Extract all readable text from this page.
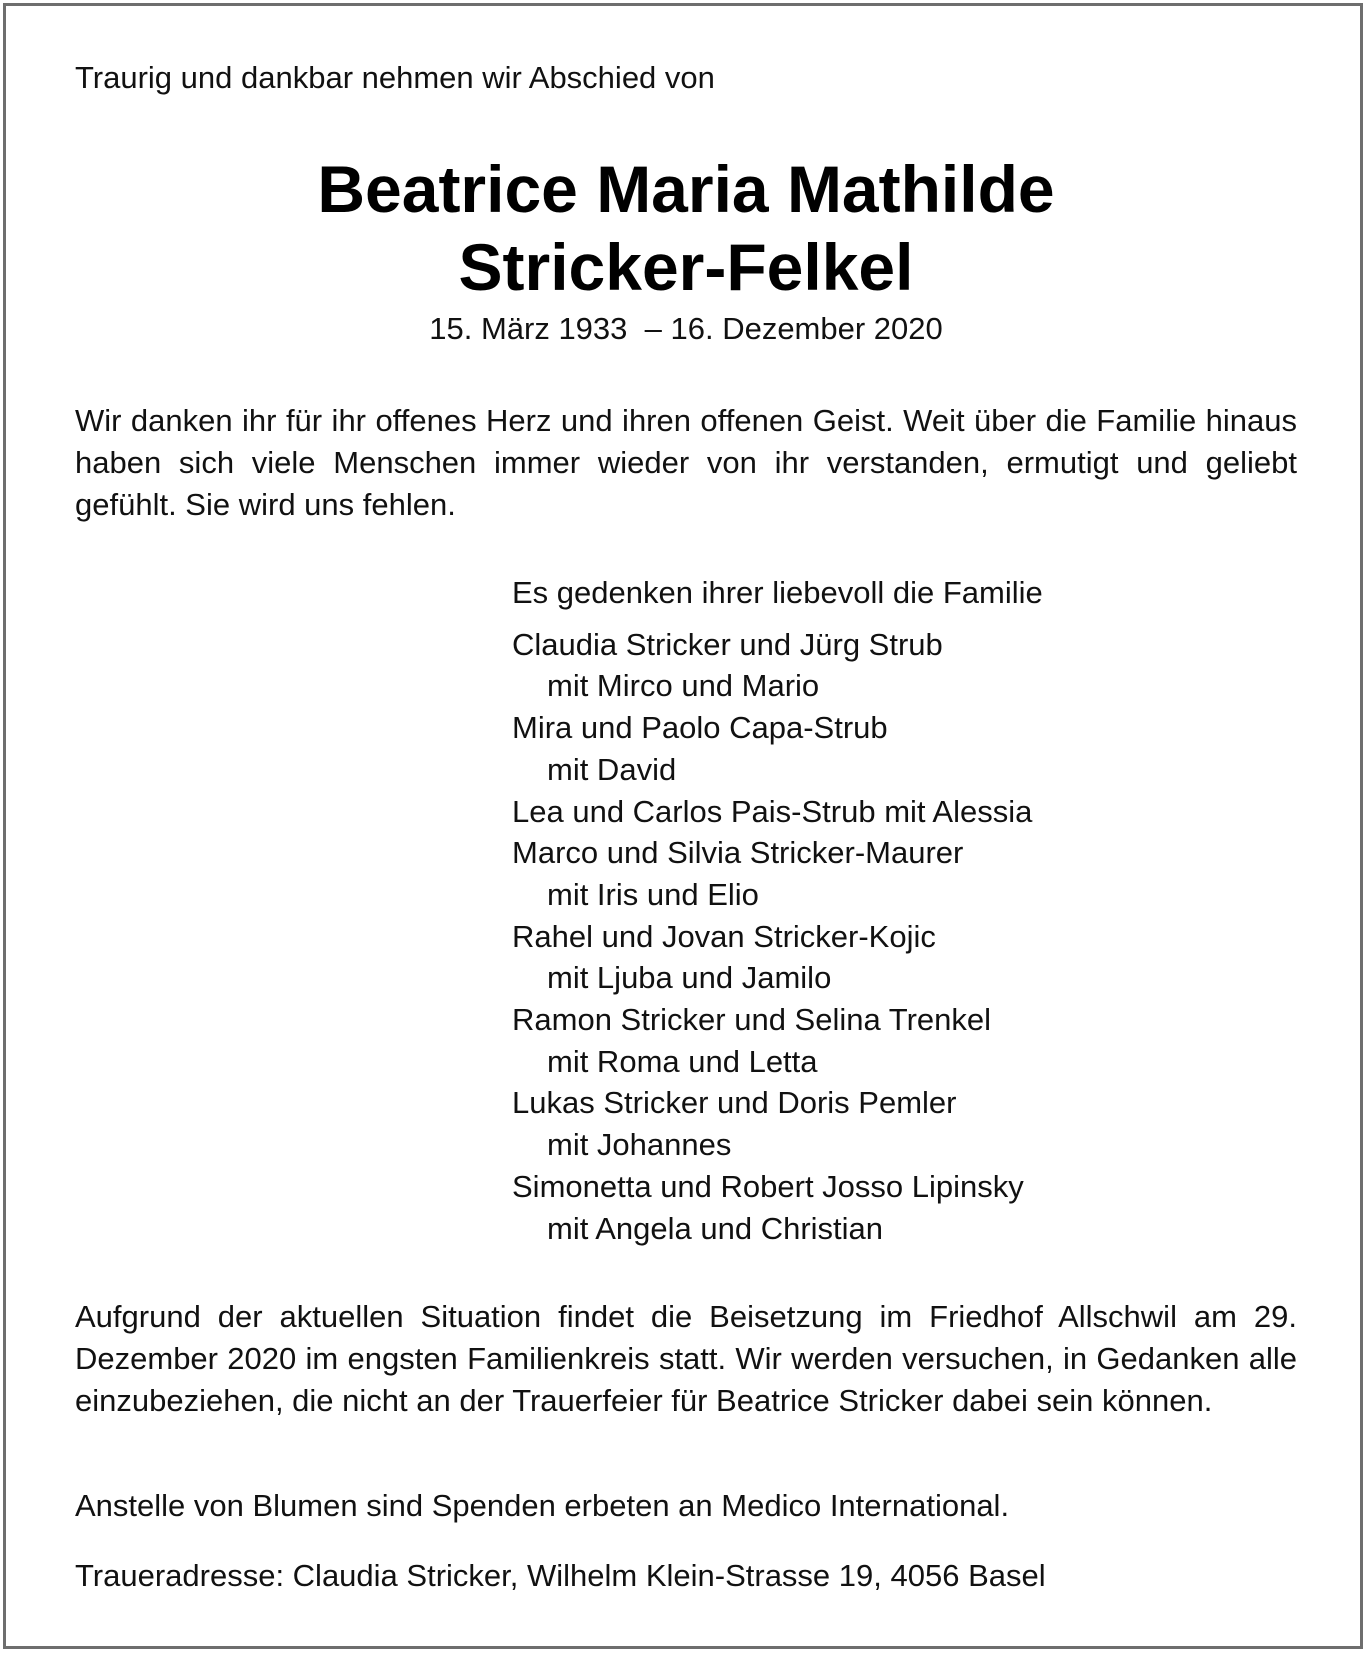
Traurig und dankbar nehmen wir Abschied von
Beatrice Maria Mathilde
Stricker-Felkel
15. März 1933  – 16. Dezember 2020
Wir danken ihr für ihr offenes Herz und ihren offenen Geist. Weit über die Familie hinaus haben sich viele Menschen immer wieder von ihr verstanden, ermutigt und geliebt gefühlt. Sie wird uns fehlen.
Es gedenken ihrer liebevoll die Familie
Claudia Stricker und Jürg Strub
mit Mirco und Mario
Mira und Paolo Capa-Strub
mit David
Lea und Carlos Pais-Strub mit Alessia
Marco und Silvia Stricker-Maurer
mit Iris und Elio
Rahel und Jovan Stricker-Kojic
mit Ljuba und Jamilo
Ramon Stricker und Selina Trenkel
mit Roma und Letta
Lukas Stricker und Doris Pemler
mit Johannes
Simonetta und Robert Josso Lipinsky
mit Angela und Christian
Aufgrund der aktuellen Situation findet die Beisetzung im Friedhof Allschwil am 29. Dezember 2020 im engsten Familienkreis statt. Wir werden versuchen, in Gedanken alle einzubeziehen, die nicht an der Trauerfeier für Beatrice Stricker dabei sein können.
Anstelle von Blumen sind Spenden erbeten an Medico International.
Traueradresse: Claudia Stricker, Wilhelm Klein-Strasse 19, 4056 Basel
